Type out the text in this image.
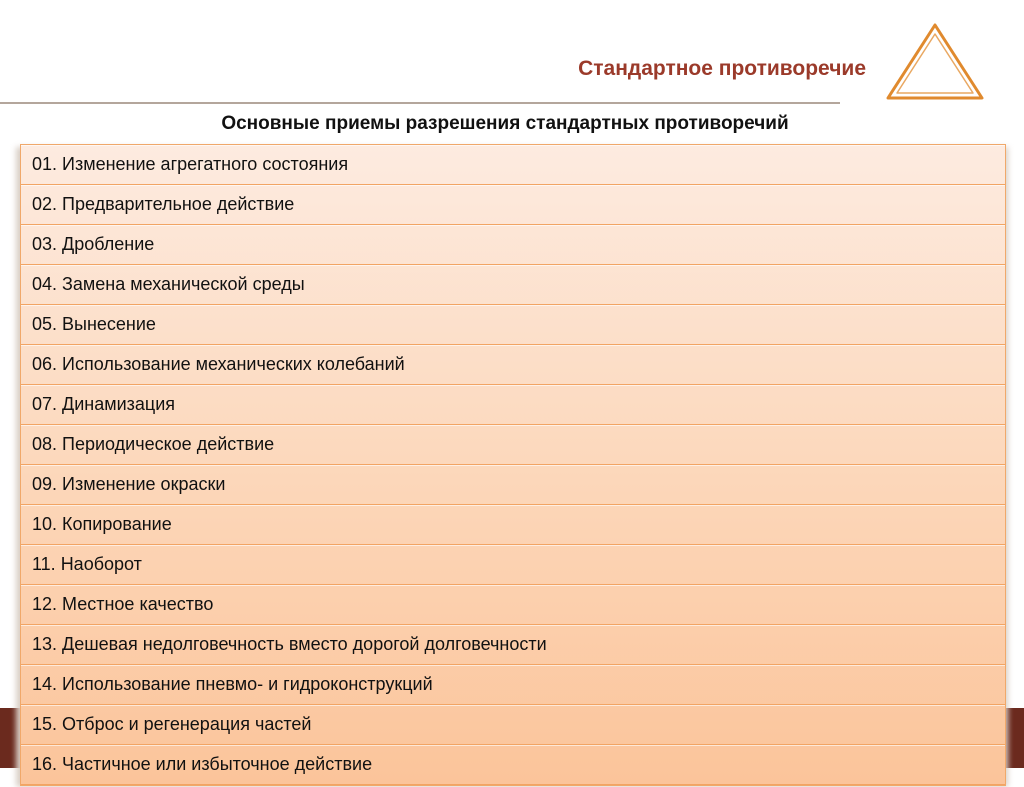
Стандартное противоречие
Основные приемы разрешения стандартных противоречий
01. Изменение агрегатного состояния
02. Предварительное действие
03. Дробление
04. Замена механической среды
05. Вынесение
06. Использование механических колебаний
07. Динамизация
08. Периодическое действие
09. Изменение окраски
10. Копирование
11. Наоборот
12. Местное качество
13. Дешевая недолговечность вместо дорогой долговечности
14. Использование пневмо- и гидроконструкций
15. Отброс и регенерация частей
16. Частичное или избыточное действие
